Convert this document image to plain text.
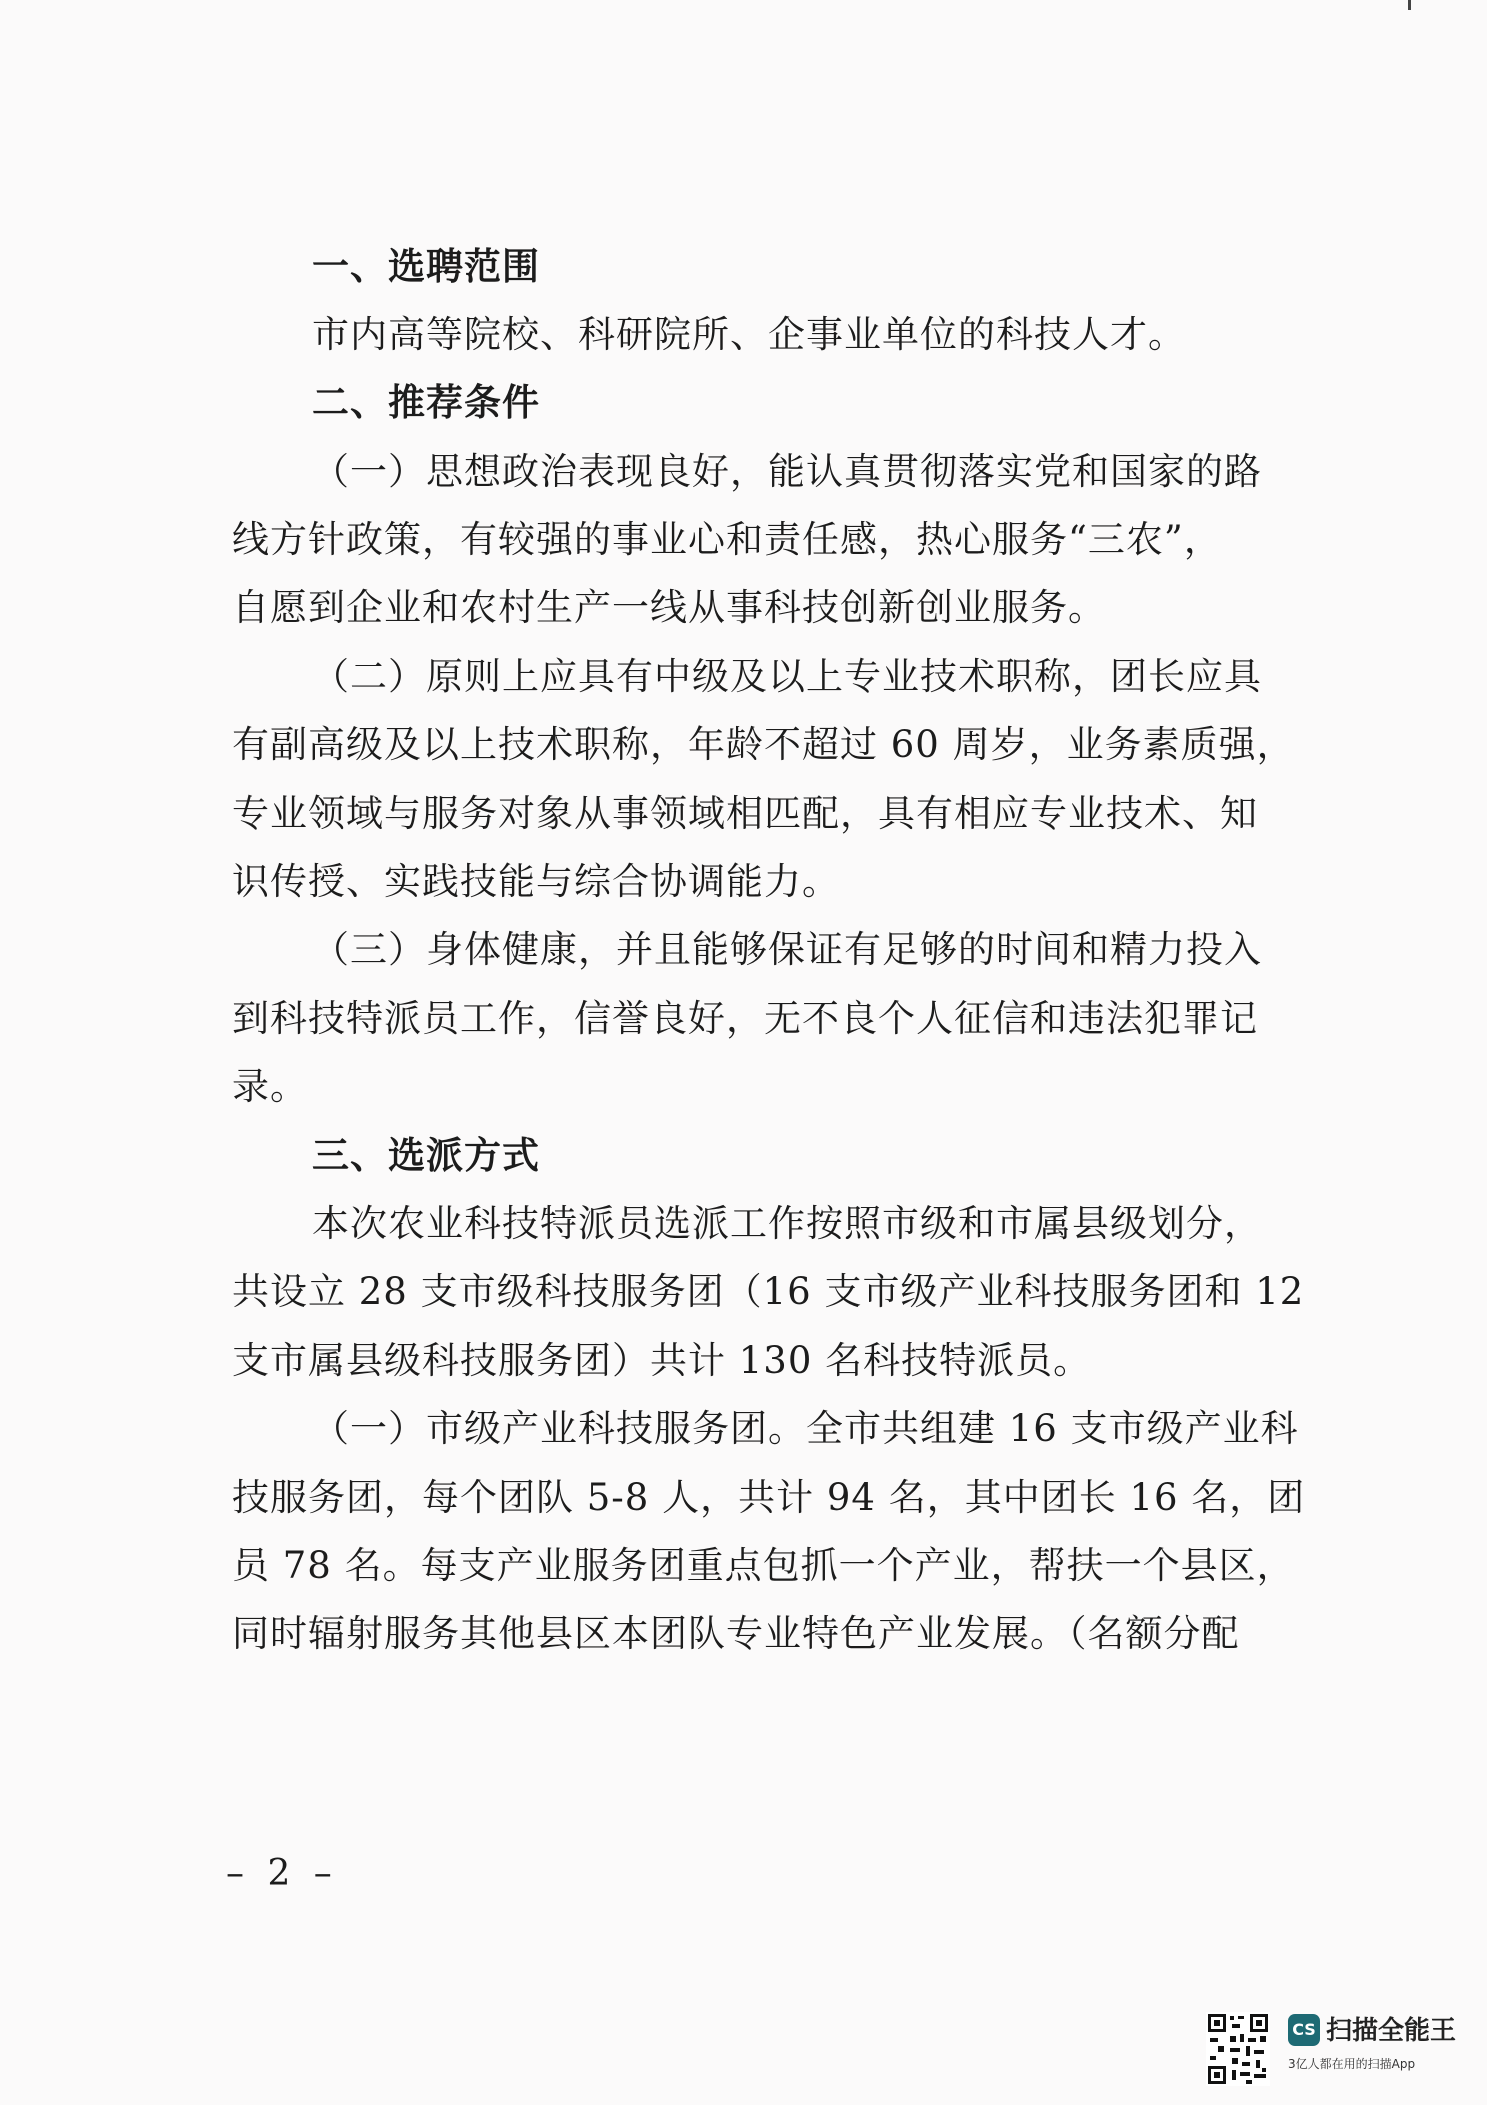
一、选聘范围
市内高等院校、科研院所、企事业单位的科技人才。
二、推荐条件
（一）思想政治表现良好，能认真贯彻落实党和国家的路
线方针政策，有较强的事业心和责任感，热心服务“三农”，
自愿到企业和农村生产一线从事科技创新创业服务。
（二）原则上应具有中级及以上专业技术职称，团长应具
有副高级及以上技术职称，年龄不超过 60 周岁，业务素质强，
专业领域与服务对象从事领域相匹配，具有相应专业技术、知
识传授、实践技能与综合协调能力。
（三）身体健康，并且能够保证有足够的时间和精力投入
到科技特派员工作，信誉良好，无不良个人征信和违法犯罪记
录。
三、选派方式
本次农业科技特派员选派工作按照市级和市属县级划分，
共设立 28 支市级科技服务团（16 支市级产业科技服务团和 12
支市属县级科技服务团）共计 130 名科技特派员。
（一）市级产业科技服务团。全市共组建 16 支市级产业科
技服务团，每个团队 5-8 人，共计 94 名，其中团长 16 名，团
员 78 名。每支产业服务团重点包抓一个产业，帮扶一个县区，
同时辐射服务其他县区本团队专业特色产业发展。（名额分配
– 2 –
CS 扫描全能王
3亿人都在用的扫描App
